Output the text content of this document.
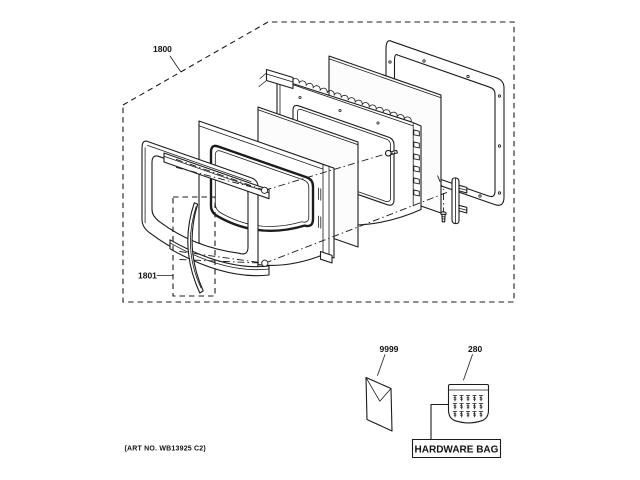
1800
1801
9999	280
HARDWARE BAG
(ART NO. WB13925 C2)
